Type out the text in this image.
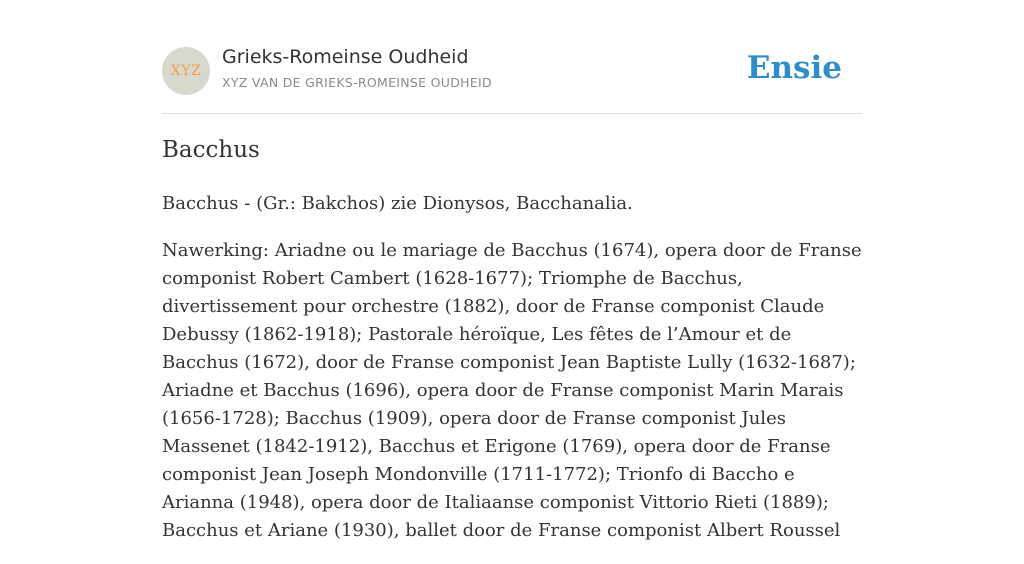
XYZ
Grieks-Romeinse Oudheid
XYZ VAN DE GRIEKS-ROMEINSE OUDHEID	Ensie
Bacchus

Bacchus - (Gr.: Bakchos) zie Dionysos, Bacchanalia.

Nawerking: Ariadne ou le mariage de Bacchus (1674), opera door de Franse componist Robert Cambert (1628-1677); Triomphe de Bacchus, divertissement pour orchestre (1882), door de Franse componist Claude Debussy (1862-1918); Pastorale héroïque, Les fêtes de l’Amour et de Bacchus (1672), door de Franse componist Jean Baptiste Lully (1632-1687); Ariadne et Bacchus (1696), opera door de Franse componist Marin Marais (1656-1728); Bacchus (1909), opera door de Franse componist Jules Massenet (1842-1912), Bacchus et Erigone (1769), opera door de Franse componist Jean Joseph Mondonville (1711-1772); Trionfo di Baccho e Arianna (1948), opera door de Italiaanse componist Vittorio Rieti (1889); Bacchus et Ariane (1930), ballet door de Franse componist Albert Roussel
